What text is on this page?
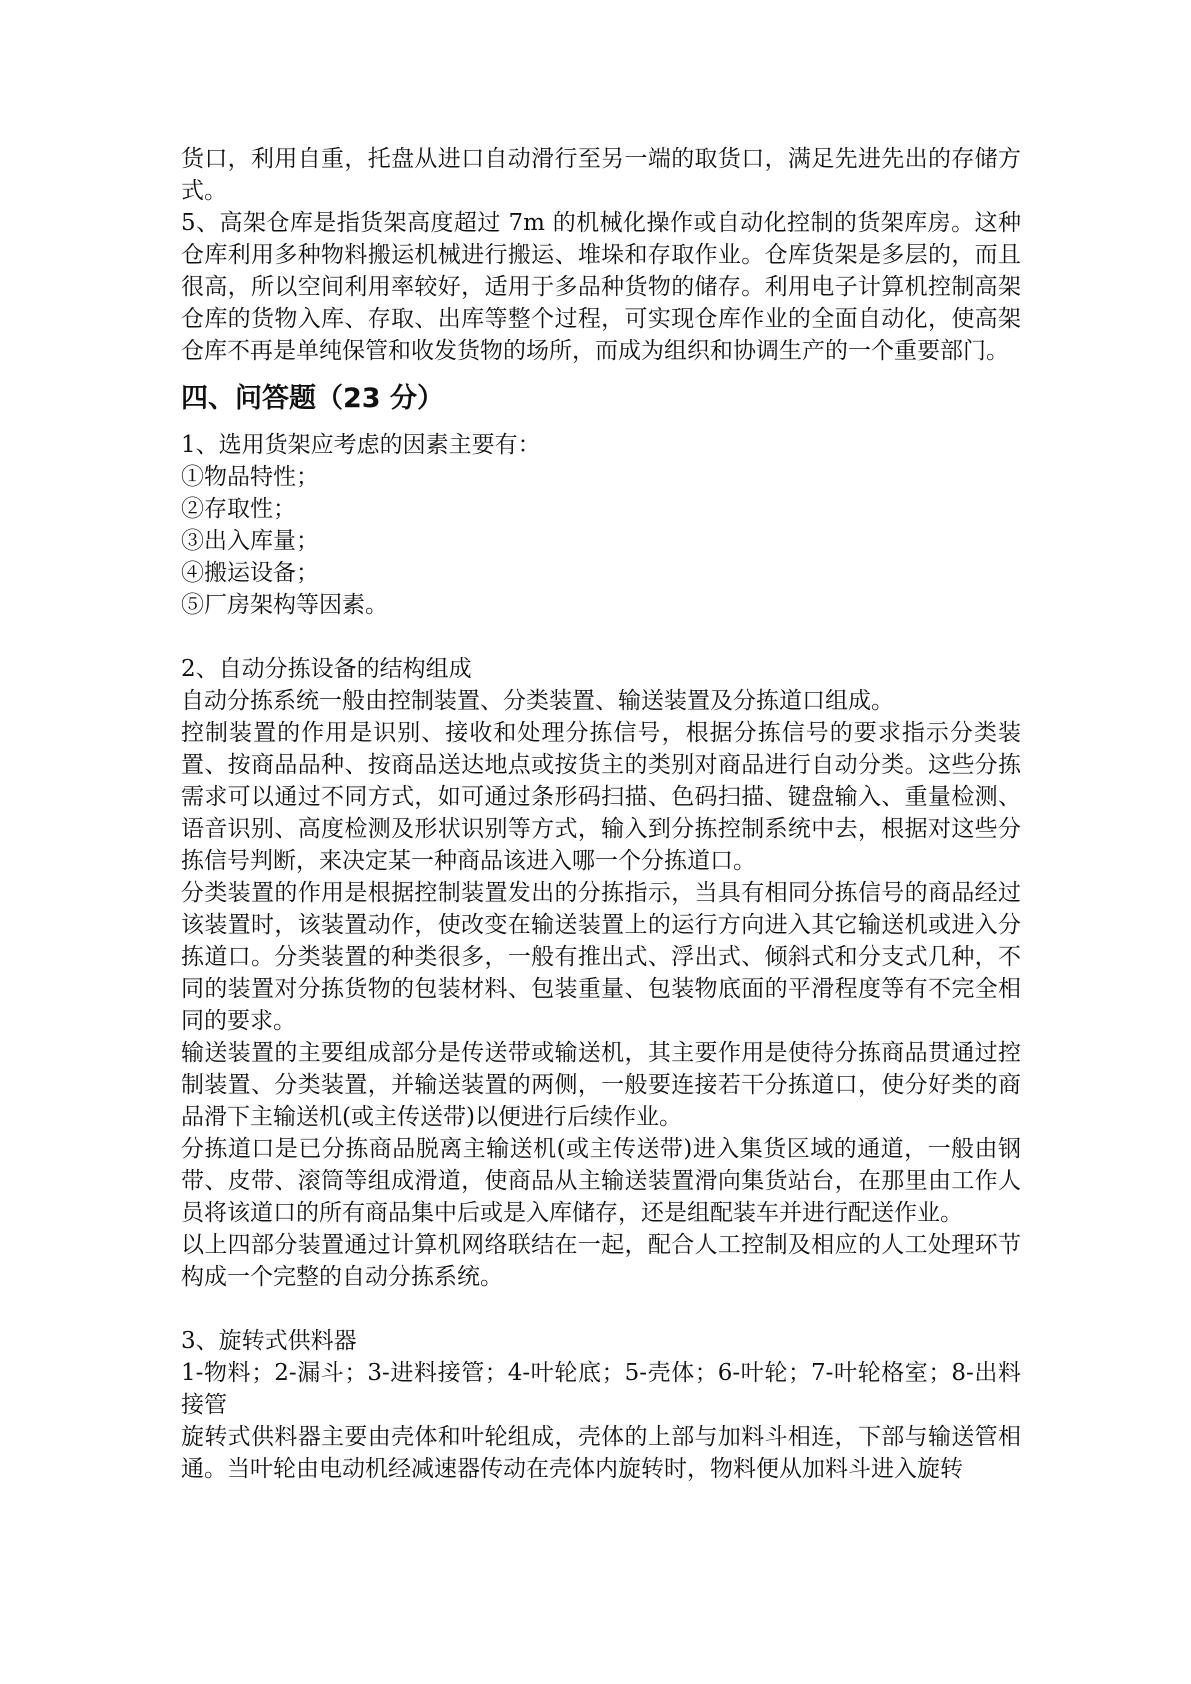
货口，利用自重，托盘从进口自动滑行至另一端的取货口，满足先进先出的存储方式。

5、高架仓库是指货架高度超过 7m 的机械化操作或自动化控制的货架库房。这种仓库利用多种物料搬运机械进行搬运、堆垛和存取作业。仓库货架是多层的，而且很高，所以空间利用率较好，适用于多品种货物的储存。利用电子计算机控制高架仓库的货物入库、存取、出库等整个过程，可实现仓库作业的全面自动化，使高架仓库不再是单纯保管和收发货物的场所，而成为组织和协调生产的一个重要部门。

四、问答题（23 分）

1、选用货架应考虑的因素主要有：

①物品特性；

②存取性；

③出入库量；

④搬运设备；

⑤厂房架构等因素。

2、自动分拣设备的结构组成

自动分拣系统一般由控制装置、分类装置、输送装置及分拣道口组成。

控制装置的作用是识别、接收和处理分拣信号，根据分拣信号的要求指示分类装置、按商品品种、按商品送达地点或按货主的类别对商品进行自动分类。这些分拣需求可以通过不同方式，如可通过条形码扫描、色码扫描、键盘输入、重量检测、语音识别、高度检测及形状识别等方式，输入到分拣控制系统中去，根据对这些分拣信号判断，来决定某一种商品该进入哪一个分拣道口。

分类装置的作用是根据控制装置发出的分拣指示，当具有相同分拣信号的商品经过该装置时，该装置动作，使改变在输送装置上的运行方向进入其它输送机或进入分拣道口。分类装置的种类很多，一般有推出式、浮出式、倾斜式和分支式几种，不同的装置对分拣货物的包装材料、包装重量、包装物底面的平滑程度等有不完全相同的要求。

输送装置的主要组成部分是传送带或输送机，其主要作用是使待分拣商品贯通过控制装置、分类装置，并输送装置的两侧，一般要连接若干分拣道口，使分好类的商品滑下主输送机(或主传送带)以便进行后续作业。

分拣道口是已分拣商品脱离主输送机(或主传送带)进入集货区域的通道，一般由钢带、皮带、滚筒等组成滑道，使商品从主输送装置滑向集货站台，在那里由工作人员将该道口的所有商品集中后或是入库储存，还是组配装车并进行配送作业。

以上四部分装置通过计算机网络联结在一起，配合人工控制及相应的人工处理环节构成一个完整的自动分拣系统。

3、旋转式供料器

1-物料；2-漏斗；3-进料接管；4-叶轮底；5-壳体；6-叶轮；7-叶轮格室；8-出料接管

旋转式供料器主要由壳体和叶轮组成，壳体的上部与加料斗相连，下部与输送管相通。当叶轮由电动机经减速器传动在壳体内旋转时，物料便从加料斗进入旋转
